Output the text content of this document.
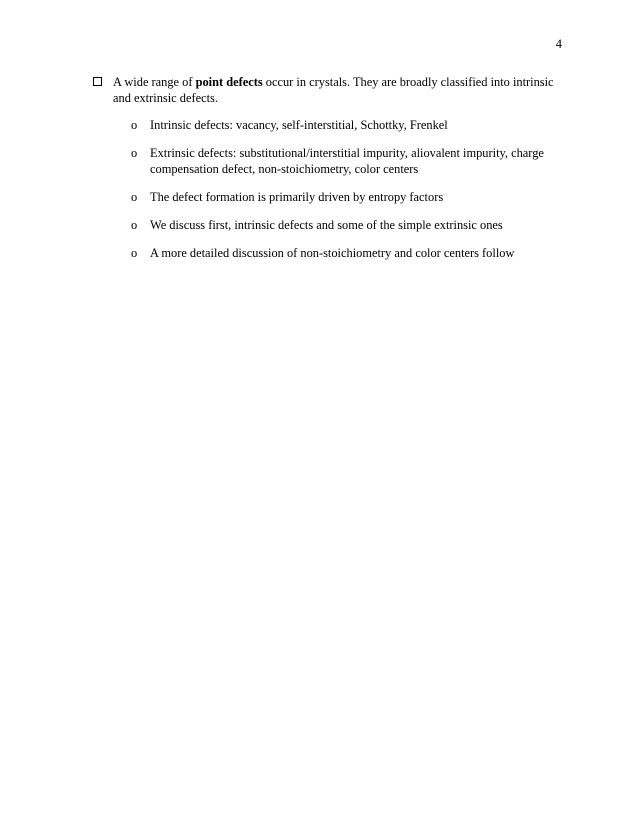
4
A wide range of point defects occur in crystals. They are broadly classified into intrinsic and extrinsic defects.
o Intrinsic defects: vacancy, self-interstitial, Schottky, Frenkel
o Extrinsic defects: substitutional/interstitial impurity, aliovalent impurity, charge compensation defect, non-stoichiometry, color centers
o The defect formation is primarily driven by entropy factors
o We discuss first, intrinsic defects and some of the simple extrinsic ones
o A more detailed discussion of non-stoichiometry and color centers follow
